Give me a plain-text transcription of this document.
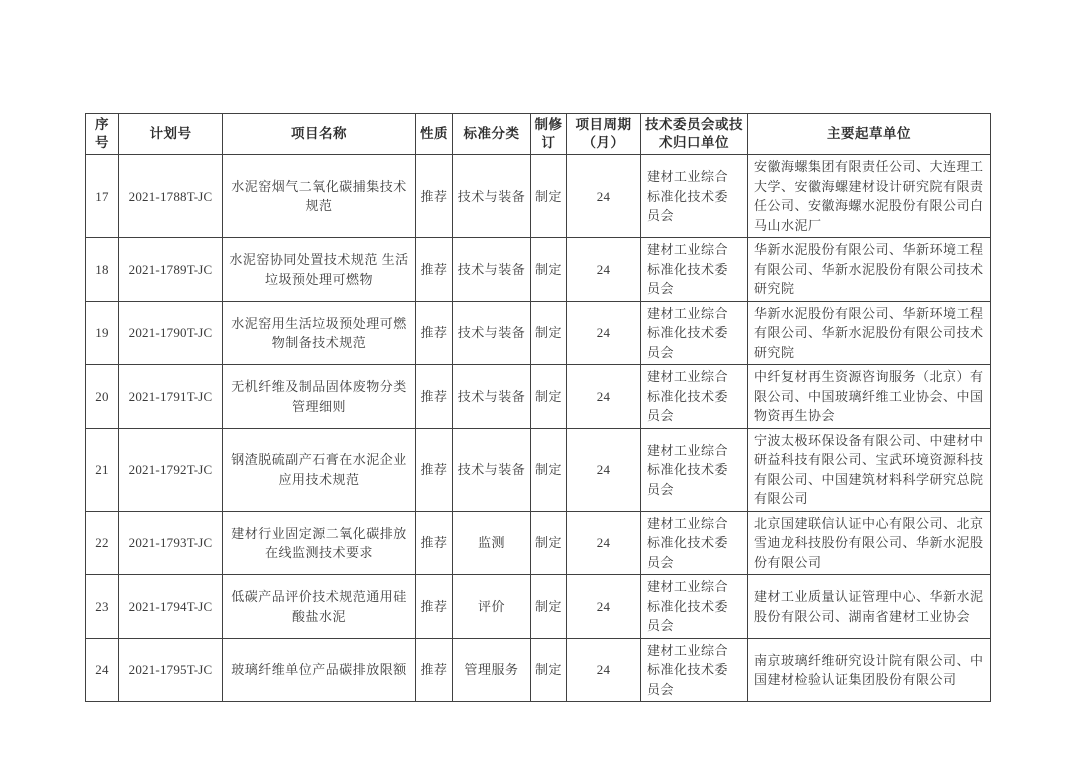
序号	计划号	项目名称	性质	标准分类	制修订	项目周期（月）	技术委员会或技术归口单位	主要起草单位
17	2021-1788T-JC	水泥窑烟气二氧化碳捕集技术规范	推荐	技术与装备	制定	24	建材工业综合标准化技术委员会	安徽海螺集团有限责任公司、大连理工大学、安徽海螺建材设计研究院有限责任公司、安徽海螺水泥股份有限公司白马山水泥厂
18	2021-1789T-JC	水泥窑协同处置技术规范 生活垃圾预处理可燃物	推荐	技术与装备	制定	24	建材工业综合标准化技术委员会	华新水泥股份有限公司、华新环境工程有限公司、华新水泥股份有限公司技术研究院
19	2021-1790T-JC	水泥窑用生活垃圾预处理可燃物制备技术规范	推荐	技术与装备	制定	24	建材工业综合标准化技术委员会	华新水泥股份有限公司、华新环境工程有限公司、华新水泥股份有限公司技术研究院
20	2021-1791T-JC	无机纤维及制品固体废物分类管理细则	推荐	技术与装备	制定	24	建材工业综合标准化技术委员会	中纤复材再生资源咨询服务（北京）有限公司、中国玻璃纤维工业协会、中国物资再生协会
21	2021-1792T-JC	钢渣脱硫副产石膏在水泥企业应用技术规范	推荐	技术与装备	制定	24	建材工业综合标准化技术委员会	宁波太极环保设备有限公司、中建材中研益科技有限公司、宝武环境资源科技有限公司、中国建筑材料科学研究总院有限公司
22	2021-1793T-JC	建材行业固定源二氧化碳排放在线监测技术要求	推荐	监测	制定	24	建材工业综合标准化技术委员会	北京国建联信认证中心有限公司、北京雪迪龙科技股份有限公司、华新水泥股份有限公司
23	2021-1794T-JC	低碳产品评价技术规范通用硅酸盐水泥	推荐	评价	制定	24	建材工业综合标准化技术委员会	建材工业质量认证管理中心、华新水泥股份有限公司、湖南省建材工业协会
24	2021-1795T-JC	玻璃纤维单位产品碳排放限额	推荐	管理服务	制定	24	建材工业综合标准化技术委员会	南京玻璃纤维研究设计院有限公司、中国建材检验认证集团股份有限公司
